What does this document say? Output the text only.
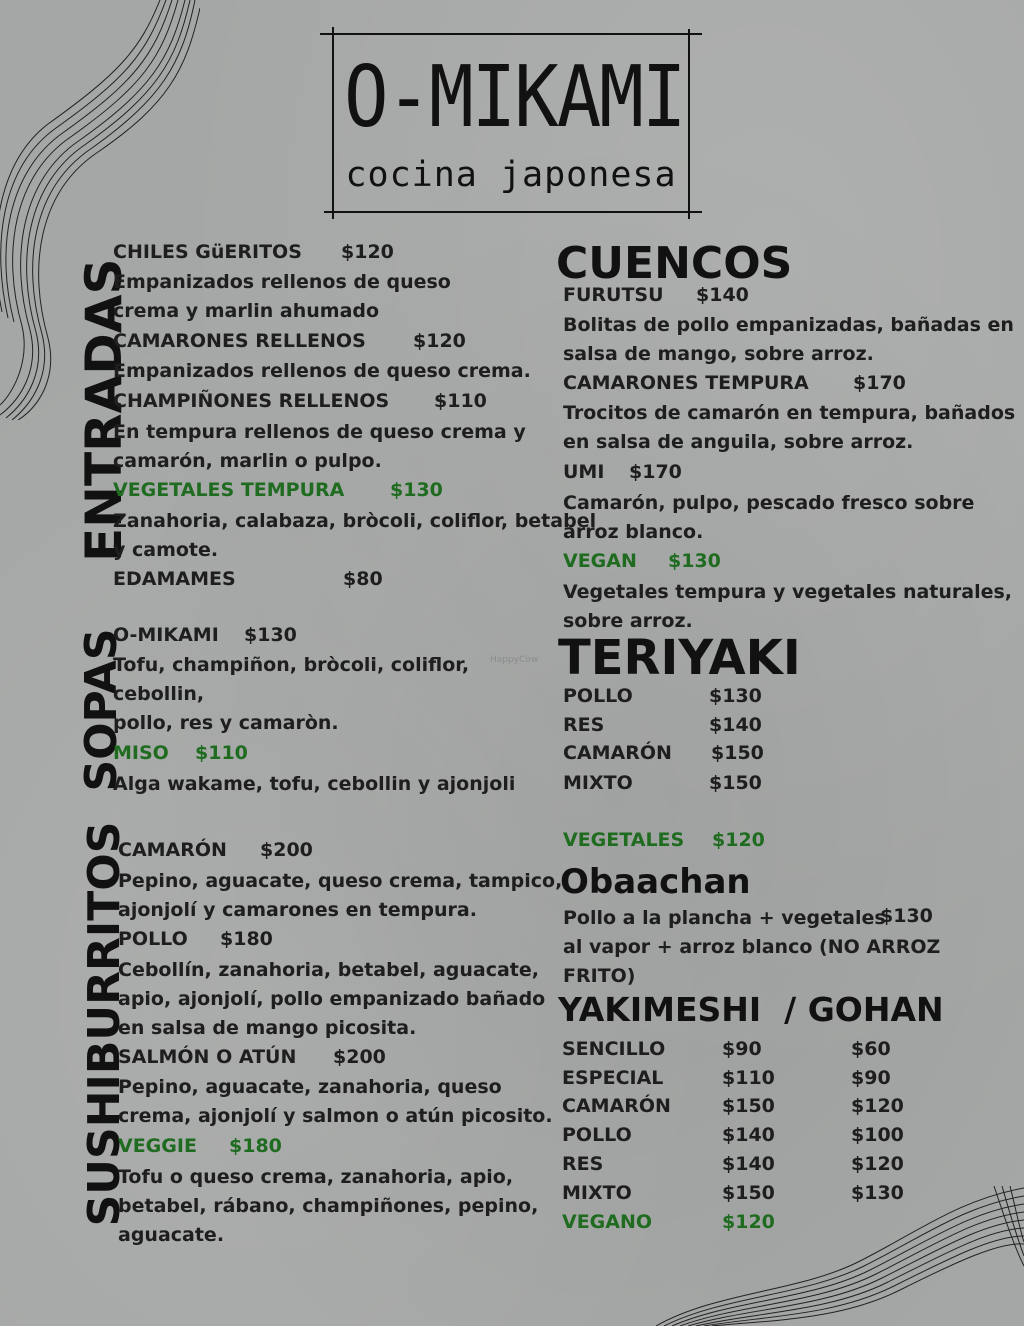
O-MIKAMI
cocina japonesa
ENTRADAS
SOPAS
SUSHIBURRITOS
CHILES GüERITOS $120
Empanizados rellenos de queso
crema y marlin ahumado
CAMARONES RELLENOS $120
Empanizados rellenos de queso crema.
CHAMPIÑONES RELLENOS $110
En tempura rellenos de queso crema y
camarón, marlin o pulpo.
VEGETALES TEMPURA $130
Zanahoria, calabaza, bròcoli, coliflor, betabel
y camote.
EDAMAMES	$80
O-MIKAMI $130
Tofu, champiñon, bròcoli, coliflor,
cebollin,
pollo, res y camaròn.
MISO $110
Alga wakame, tofu, cebollin y ajonjoli
HappyCow
CAMARÓN $200
Pepino, aguacate, queso crema, tampico,
ajonjolí y camarones en tempura.
POLLO $180
Cebollín, zanahoria, betabel, aguacate,
apio, ajonjolí, pollo empanizado bañado
en salsa de mango picosita.
SALMÓN O ATÚN $200
Pepino, aguacate, zanahoria, queso
crema, ajonjolí y salmon o atún picosito.
VEGGIE $180
Tofu o queso crema, zanahoria, apio,
betabel, rábano, champiñones, pepino,
aguacate.
CUENCOS
FURUTSU $140
Bolitas de pollo empanizadas, bañadas en
salsa de mango, sobre arroz.
CAMARONES TEMPURA $170
Trocitos de camarón en tempura, bañados
en salsa de anguila, sobre arroz.
UMI $170
Camarón, pulpo, pescado fresco sobre
arroz blanco.
VEGAN $130
Vegetales tempura y vegetales naturales,
sobre arroz.
TERIYAKI
POLLO	$130
RES	$140
CAMARÓN $150
MIXTO	$150
VEGETALES $120
Obaachan
Pollo a la plancha + vegetales
$130
al vapor + arroz blanco (NO ARROZ
FRITO)
YAKIMESHI  / GOHAN
SENCILLO	$90	$60
ESPECIAL	$110	$90
CAMARÓN	$150	$120
POLLO	$140	$100
RES	$140	$120
MIXTO	$150	$130
VEGANO	$120
